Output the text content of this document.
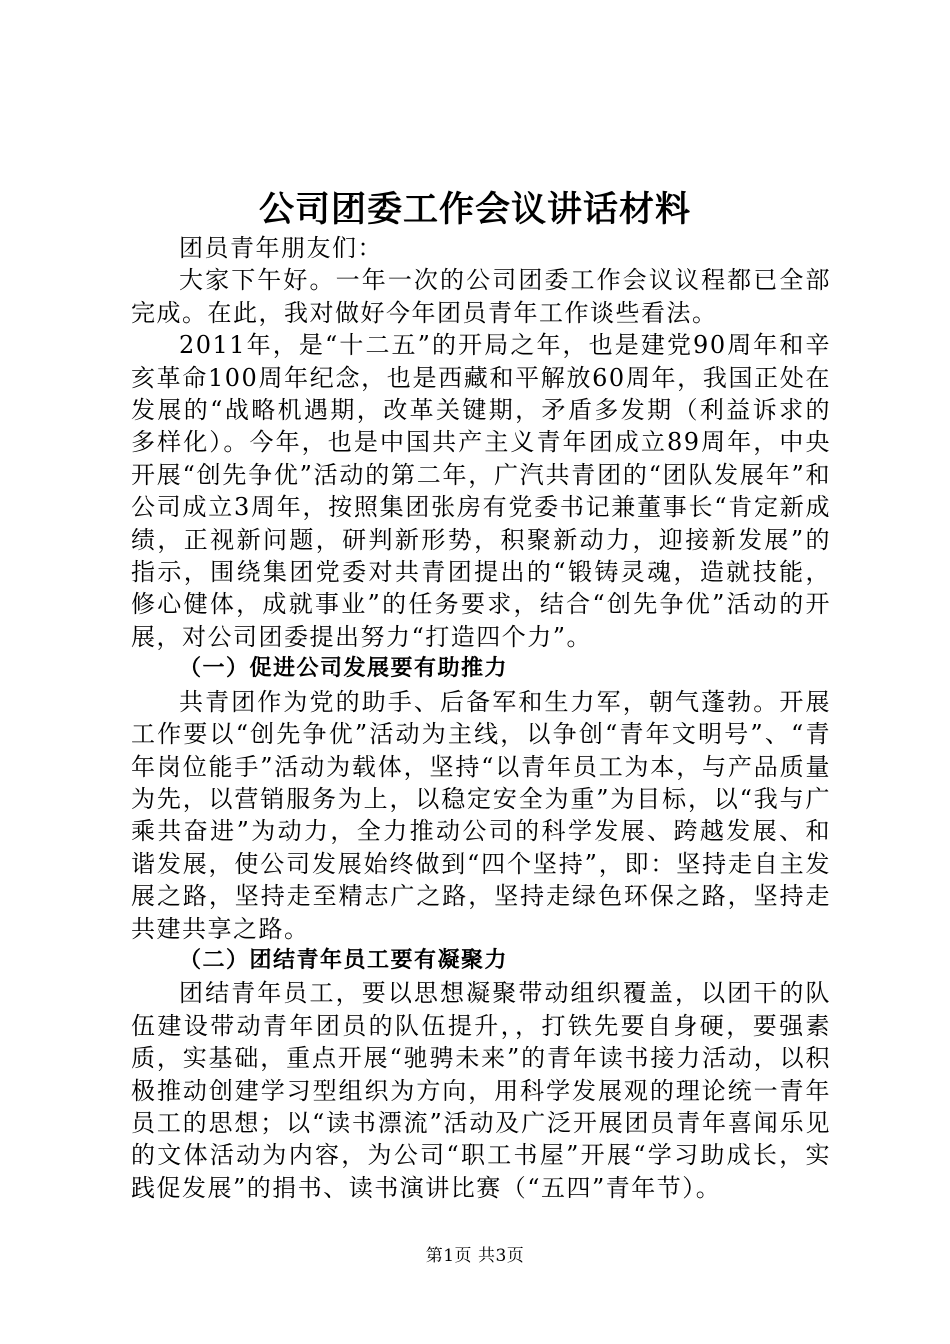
公司团委工作会议讲话材料

团员青年朋友们：

大家下午好。一年一次的公司团委工作会议议程都已全部完成。在此，我对做好今年团员青年工作谈些看法。

2011年，是“十二五”的开局之年，也是建党90周年和辛亥革命100周年纪念，也是西藏和平解放60周年，我国正处在发展的“战略机遇期，改革关键期，矛盾多发期（利益诉求的多样化）。今年，也是中国共产主义青年团成立89周年，中央开展“创先争优”活动的第二年，广汽共青团的“团队发展年”和公司成立3周年，按照集团张房有党委书记兼董事长“肯定新成绩，正视新问题，研判新形势，积聚新动力，迎接新发展”的指示，围绕集团党委对共青团提出的“锻铸灵魂，造就技能，修心健体，成就事业”的任务要求，结合“创先争优”活动的开展，对公司团委提出努力“打造四个力”。

（一）促进公司发展要有助推力

共青团作为党的助手、后备军和生力军，朝气蓬勃。开展工作要以“创先争优”活动为主线，以争创“青年文明号”、“青年岗位能手”活动为载体，坚持“以青年员工为本，与产品质量为先，以营销服务为上，以稳定安全为重”为目标，以“我与广乘共奋进”为动力，全力推动公司的科学发展、跨越发展、和谐发展，使公司发展始终做到“四个坚持”，即：坚持走自主发展之路，坚持走至精志广之路，坚持走绿色环保之路，坚持走共建共享之路。

（二）团结青年员工要有凝聚力

团结青年员工，要以思想凝聚带动组织覆盖，以团干的队伍建设带动青年团员的队伍提升，，打铁先要自身硬，要强素质，实基础，重点开展“驰骋未来”的青年读书接力活动，以积极推动创建学习型组织为方向，用科学发展观的理论统一青年员工的思想；以“读书漂流”活动及广泛开展团员青年喜闻乐见的文体活动为内容，为公司“职工书屋”开展“学习助成长，实践促发展”的捐书、读书演讲比赛（“五四”青年节）。

第1页 共3页
